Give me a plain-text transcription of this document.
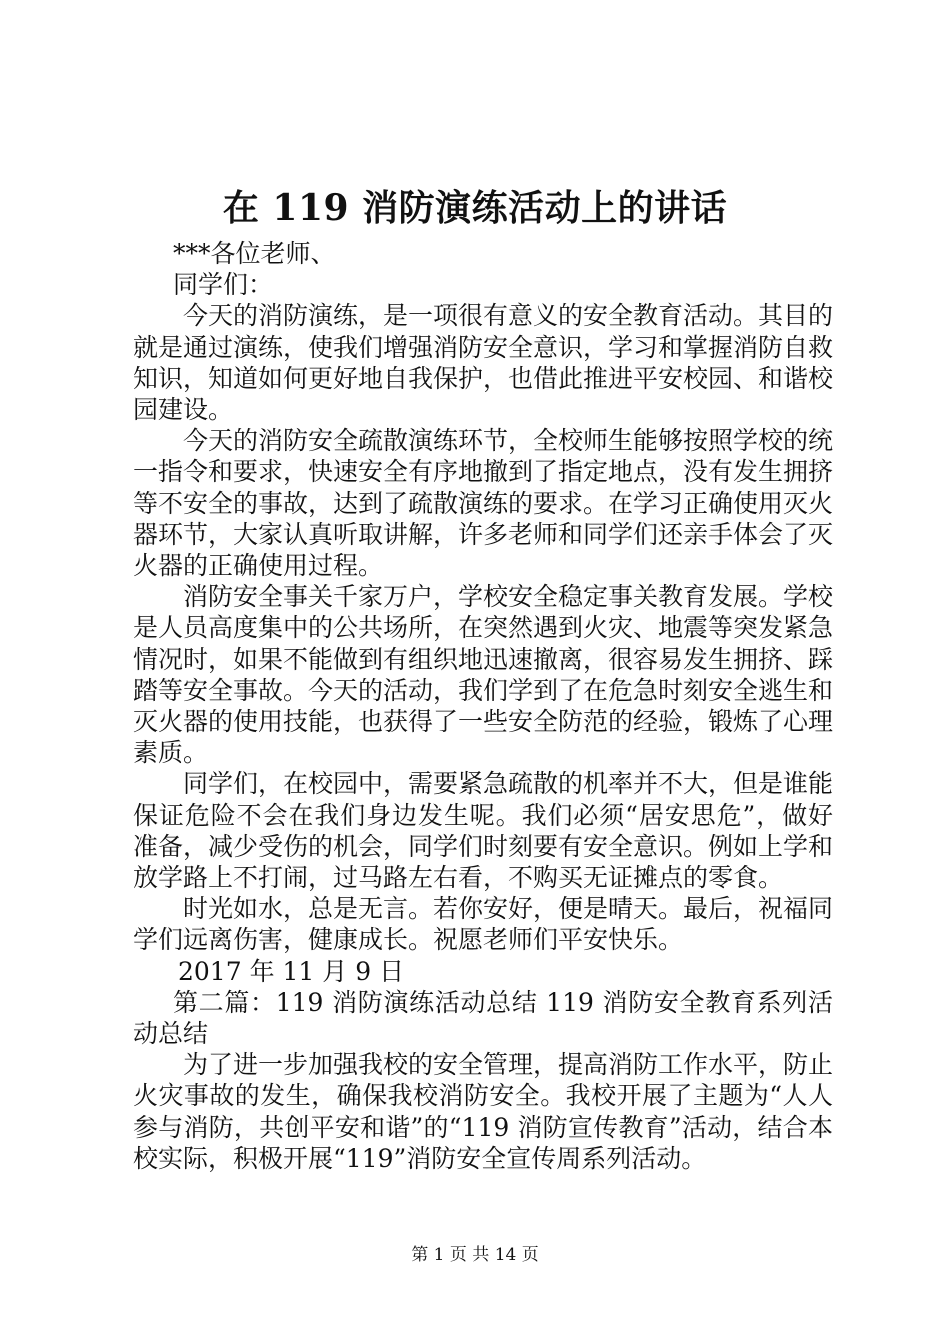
在 119 消防演练活动上的讲话

***各位老师、

同学们：

今天的消防演练，是一项很有意义的安全教育活动。其目的就是通过演练，使我们增强消防安全意识，学习和掌握消防自救知识，知道如何更好地自我保护，也借此推进平安校园、和谐校园建设。

今天的消防安全疏散演练环节，全校师生能够按照学校的统一指令和要求，快速安全有序地撤到了指定地点，没有发生拥挤等不安全的事故，达到了疏散演练的要求。在学习正确使用灭火器环节，大家认真听取讲解，许多老师和同学们还亲手体会了灭火器的正确使用过程。

消防安全事关千家万户，学校安全稳定事关教育发展。学校是人员高度集中的公共场所，在突然遇到火灾、地震等突发紧急情况时，如果不能做到有组织地迅速撤离，很容易发生拥挤、踩踏等安全事故。今天的活动，我们学到了在危急时刻安全逃生和灭火器的使用技能，也获得了一些安全防范的经验，锻炼了心理素质。

同学们，在校园中，需要紧急疏散的机率并不大，但是谁能保证危险不会在我们身边发生呢。我们必须“居安思危”，做好准备，减少受伤的机会，同学们时刻要有安全意识。例如上学和放学路上不打闹，过马路左右看，不购买无证摊点的零食。

时光如水，总是无言。若你安好，便是晴天。最后，祝福同学们远离伤害，健康成长。祝愿老师们平安快乐。

2017 年 11 月 9 日

第二篇：119 消防演练活动总结 119 消防安全教育系列活动总结

为了进一步加强我校的安全管理，提高消防工作水平，防止火灾事故的发生，确保我校消防安全。我校开展了主题为“人人参与消防，共创平安和谐”的“119 消防宣传教育”活动，结合本校实际，积极开展“119”消防安全宣传周系列活动。

第 1 页 共 14 页
